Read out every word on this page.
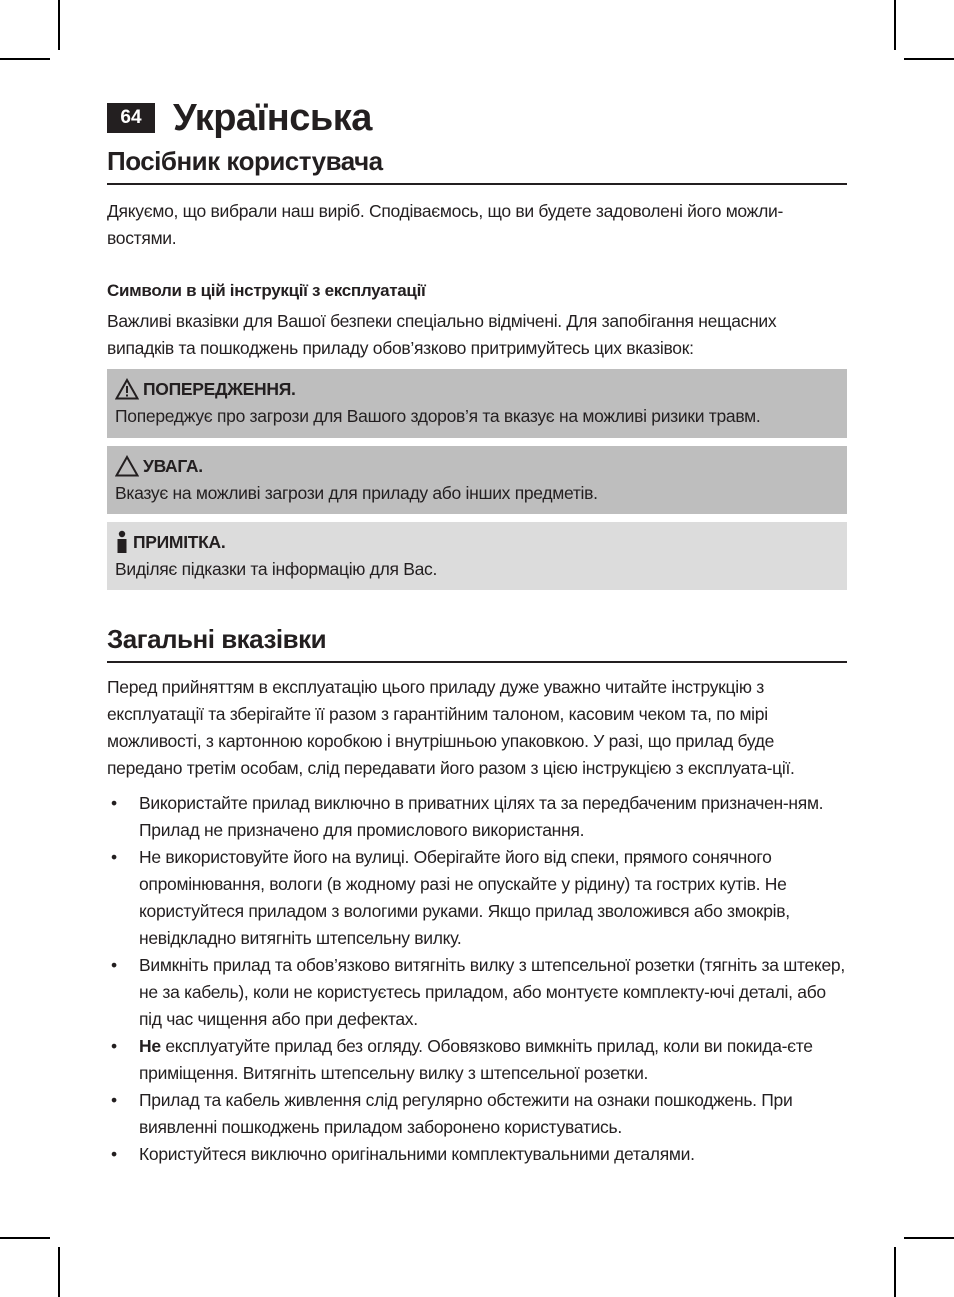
64 Українська
Посібник користувача
Дякуємо, що вибрали наш виріб. Сподіваємось, що ви будете задоволені його можли-востями.
Символи в цій інструкції з експлуатації
Важливі вказівки для Вашої безпеки спеціально відмічені. Для запобігання нещасних випадків та пошкоджень приладу обов’язково притримуйтесь цих вказівок:
ПОПЕРЕДЖЕННЯ.
Попереджує про загрози для Вашого здоров’я та вказує на можливі ризики травм.
УВАГА.
Вказує на можливі загрози для приладу або інших предметів.
ПРИМІТКА.
Виділяє підказки та інформацію для Вас.
Загальні вказівки
Перед прийняттям в експлуатацію цього приладу дуже уважно читайте інструкцію з експлуатації та зберігайте її разом з гарантійним талоном, касовим чеком та, по мірі можливості, з картонною коробкою і внутрішньою упаковкою. У разі, що прилад буде передано третім особам, слід передавати його разом з цією інструкцією з експлуата-ції.
• Використайте прилад виключно в приватних цілях та за передбаченим призначен-ням. Прилад не призначено для промислового використання.
• Не використовуйте його на вулиці. Оберігайте його від спеки, прямого сонячного опромінювання, вологи (в жодному разі не опускайте у рідину) та гострих кутів. Не користуйтеся приладом з вологими руками. Якщо прилад зволожився або змокрів, невідкладно витягніть штепсельну вилку.
• Вимкніть прилад та обов’язково витягніть вилку з штепсельної розетки (тягніть за штекер, не за кабель), коли не користуєтесь приладом, або монтуєте комплекту-ючі деталі, або під час чищення або при дефектах.
• Не експлуатуйте прилад без огляду. Обовязково вимкніть прилад, коли ви покида-єте приміщення. Витягніть штепсельну вилку з штепсельної розетки.
• Прилад та кабель живлення слід регулярно обстежити на ознаки пошкоджень. При виявленні пошкоджень приладом заборонено користуватись.
• Користуйтеся виключно оригінальними комплектувальними деталями.
